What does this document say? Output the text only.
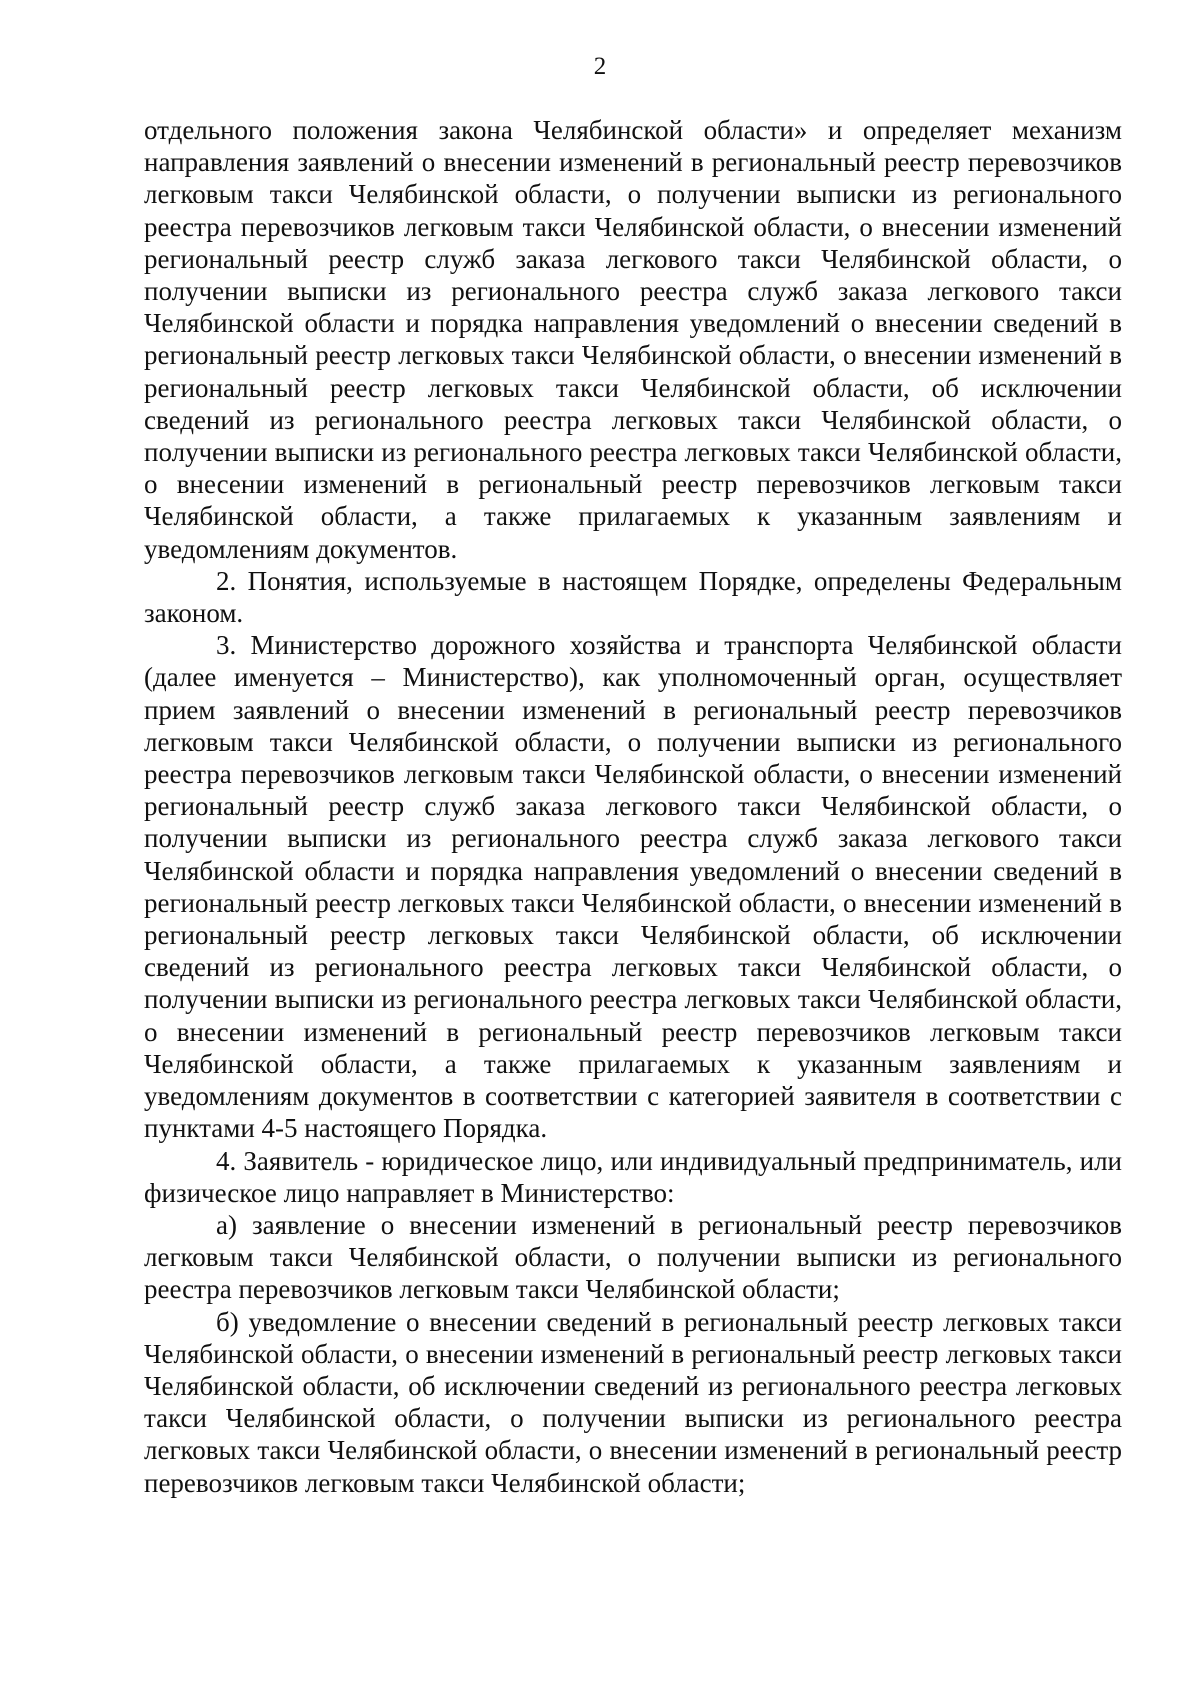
2

отдельного положения закона Челябинской области» и определяет механизм направления заявлений о внесении изменений в региональный реестр перевозчиков легковым такси Челябинской области, о получении выписки из регионального реестра перевозчиков легковым такси Челябинской области, о внесении изменений региональный реестр служб заказа легкового такси Челябинской области, о получении выписки из регионального реестра служб заказа легкового такси Челябинской области и порядка направления уведомлений о внесении сведений в региональный реестр легковых такси Челябинской области, о внесении изменений в региональный реестр легковых такси Челябинской области, об исключении сведений из регионального реестра легковых такси Челябинской области, о получении выписки из регионального реестра легковых такси Челябинской области, о внесении изменений в региональный реестр перевозчиков легковым такси Челябинской области, а также прилагаемых к указанным заявлениям и уведомлениям документов.

2. Понятия, используемые в настоящем Порядке, определены Федеральным законом.

3. Министерство дорожного хозяйства и транспорта Челябинской области (далее именуется – Министерство), как уполномоченный орган, осуществляет прием заявлений о внесении изменений в региональный реестр перевозчиков легковым такси Челябинской области, о получении выписки из регионального реестра перевозчиков легковым такси Челябинской области, о внесении изменений региональный реестр служб заказа легкового такси Челябинской области, о получении выписки из регионального реестра служб заказа легкового такси Челябинской области и порядка направления уведомлений о внесении сведений в региональный реестр легковых такси Челябинской области, о внесении изменений в региональный реестр легковых такси Челябинской области, об исключении сведений из регионального реестра легковых такси Челябинской области, о получении выписки из регионального реестра легковых такси Челябинской области, о внесении изменений в региональный реестр перевозчиков легковым такси Челябинской области, а также прилагаемых к указанным заявлениям и уведомлениям документов в соответствии с категорией заявителя в соответствии с пунктами 4-5 настоящего Порядка.

4. Заявитель - юридическое лицо, или индивидуальный предприниматель, или физическое лицо направляет в Министерство:

а) заявление о внесении изменений в региональный реестр перевозчиков легковым такси Челябинской области, о получении выписки из регионального реестра перевозчиков легковым такси Челябинской области;

б) уведомление о внесении сведений в региональный реестр легковых такси Челябинской области, о внесении изменений в региональный реестр легковых такси Челябинской области, об исключении сведений из регионального реестра легковых такси Челябинской области, о получении выписки из регионального реестра легковых такси Челябинской области, о внесении изменений в региональный реестр перевозчиков легковым такси Челябинской области;
